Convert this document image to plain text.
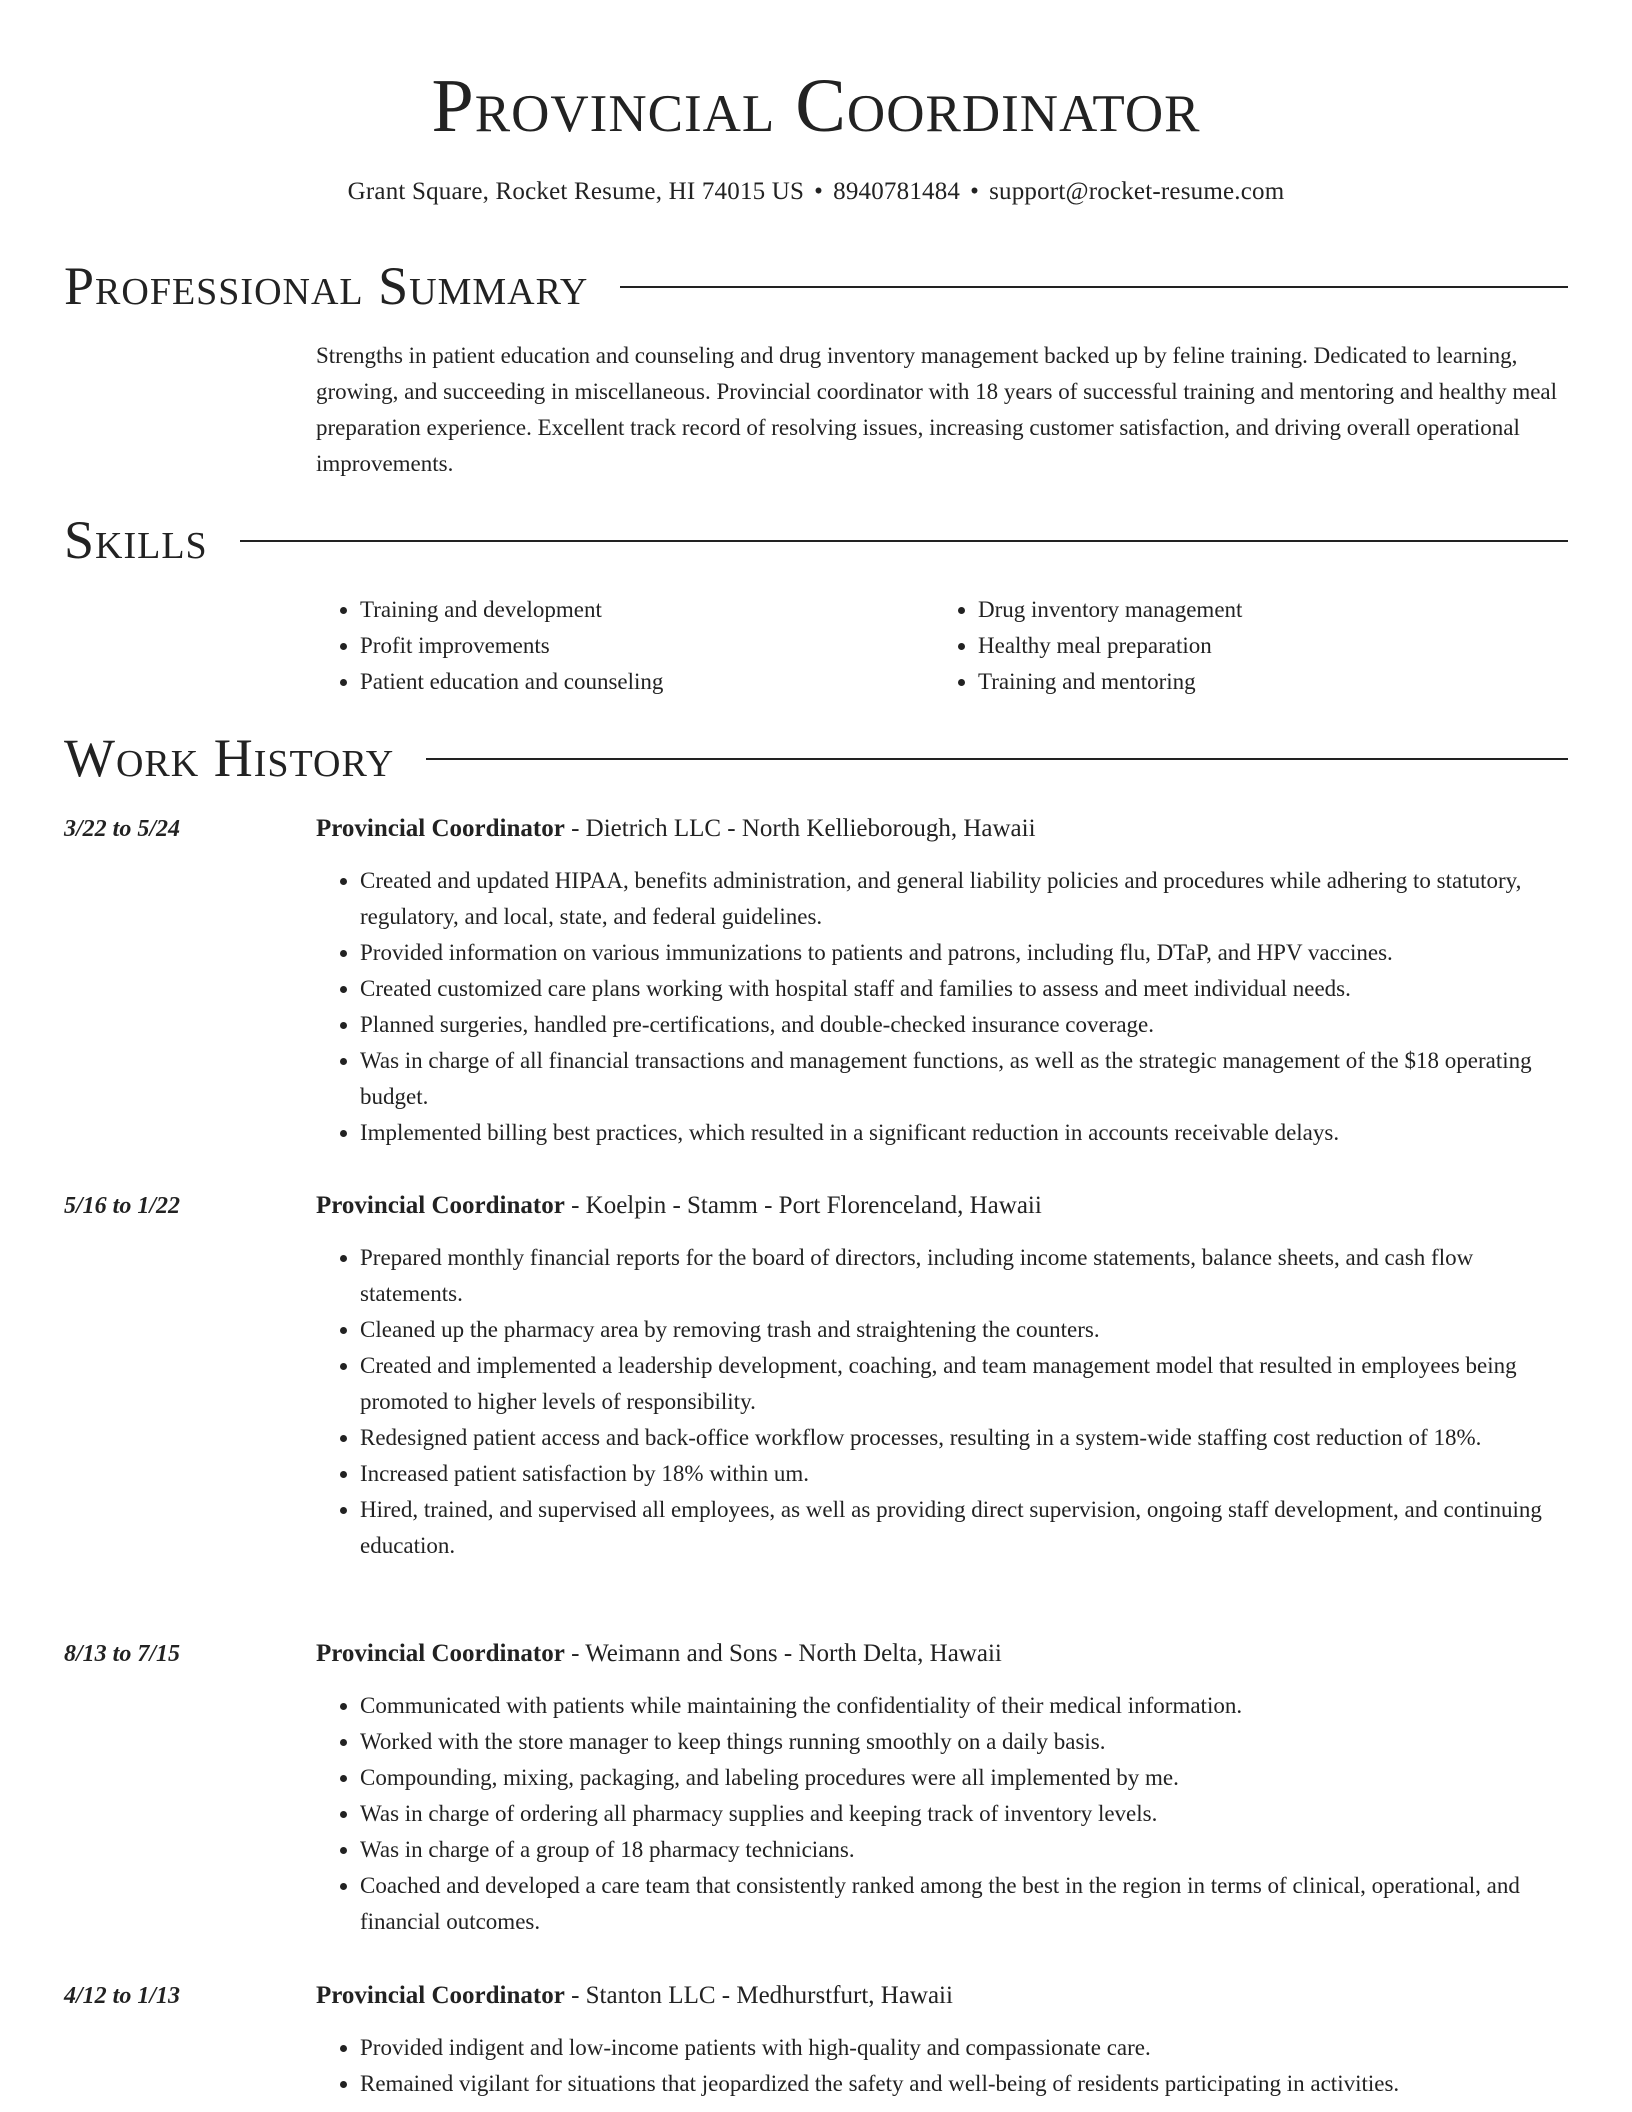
Provincial Coordinator
Grant Square, Rocket Resume, HI 74015 US • 8940781484 • support@rocket-resume.com
Professional Summary

Strengths in patient education and counseling and drug inventory management backed up by feline training. Dedicated to learning, growing, and succeeding in miscellaneous. Provincial coordinator with 18 years of successful training and mentoring and healthy meal preparation experience. Excellent track record of resolving issues, increasing customer satisfaction, and driving overall operational improvements.

Skills
• Training and development
• Profit improvements
• Patient education and counseling
• Drug inventory management
• Healthy meal preparation
• Training and mentoring
Work History
3/22 to 5/24	Provincial Coordinator - Dietrich LLC - North Kellieborough, Hawaii
• Created and updated HIPAA, benefits administration, and general liability policies and procedures while adhering to statutory, regulatory, and local, state, and federal guidelines.
• Provided information on various immunizations to patients and patrons, including flu, DTaP, and HPV vaccines.
• Created customized care plans working with hospital staff and families to assess and meet individual needs.
• Planned surgeries, handled pre-certifications, and double-checked insurance coverage.
• Was in charge of all financial transactions and management functions, as well as the strategic management of the $18 operating budget.
• Implemented billing best practices, which resulted in a significant reduction in accounts receivable delays.
5/16 to 1/22	Provincial Coordinator - Koelpin - Stamm - Port Florenceland, Hawaii
• Prepared monthly financial reports for the board of directors, including income statements, balance sheets, and cash flow statements.
• Cleaned up the pharmacy area by removing trash and straightening the counters.
• Created and implemented a leadership development, coaching, and team management model that resulted in employees being promoted to higher levels of responsibility.
• Redesigned patient access and back-office workflow processes, resulting in a system-wide staffing cost reduction of 18%.
• Increased patient satisfaction by 18% within um.
• Hired, trained, and supervised all employees, as well as providing direct supervision, ongoing staff development, and continuing education.
8/13 to 7/15	Provincial Coordinator - Weimann and Sons - North Delta, Hawaii
• Communicated with patients while maintaining the confidentiality of their medical information.
• Worked with the store manager to keep things running smoothly on a daily basis.
• Compounding, mixing, packaging, and labeling procedures were all implemented by me.
• Was in charge of ordering all pharmacy supplies and keeping track of inventory levels.
• Was in charge of a group of 18 pharmacy technicians.
• Coached and developed a care team that consistently ranked among the best in the region in terms of clinical, operational, and financial outcomes.
4/12 to 1/13	Provincial Coordinator - Stanton LLC - Medhurstfurt, Hawaii
• Provided indigent and low-income patients with high-quality and compassionate care.
• Remained vigilant for situations that jeopardized the safety and well-being of residents participating in activities.
